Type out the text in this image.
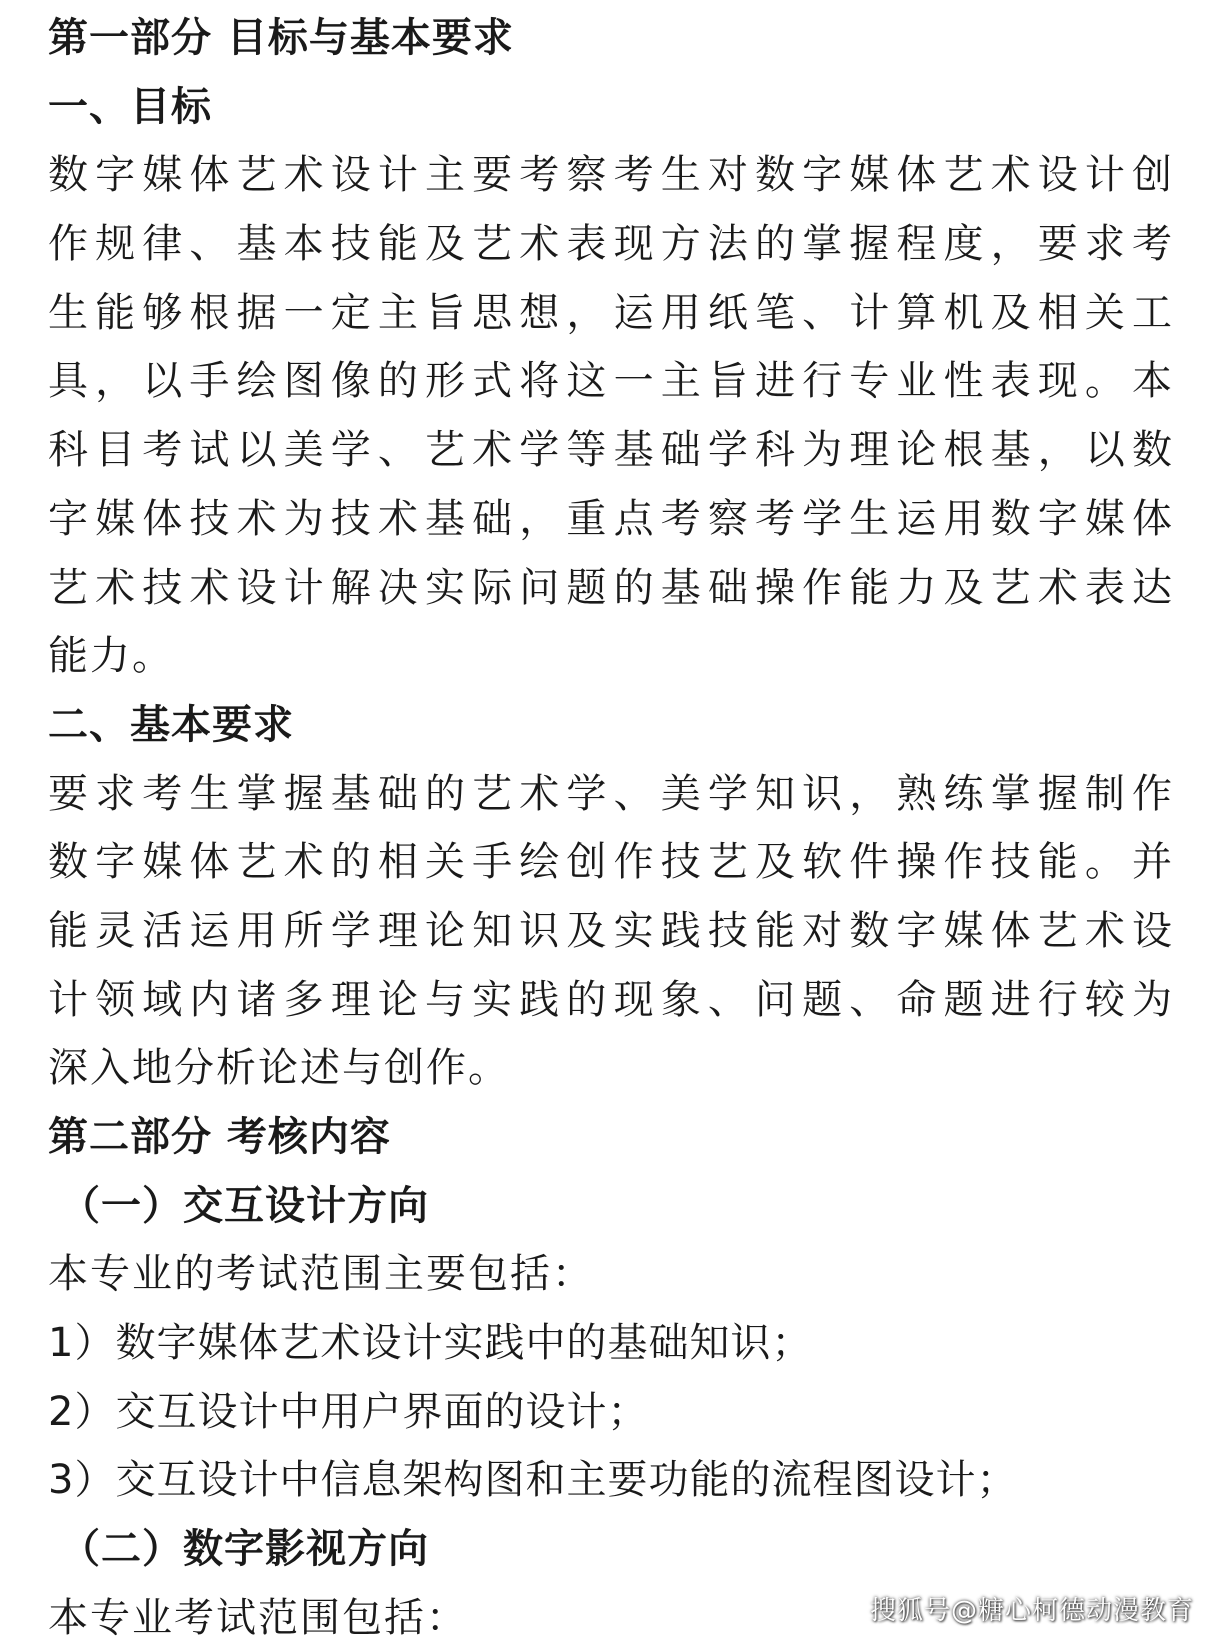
第一部分 目标与基本要求
一、目标
数字媒体艺术设计主要考察考生对数字媒体艺术设计创
作规律、基本技能及艺术表现方法的掌握程度，要求考
生能够根据一定主旨思想，运用纸笔、计算机及相关工
具，以手绘图像的形式将这一主旨进行专业性表现。本
科目考试以美学、艺术学等基础学科为理论根基，以数
字媒体技术为技术基础，重点考察考学生运用数字媒体
艺术技术设计解决实际问题的基础操作能力及艺术表达
能力。
二、基本要求
要求考生掌握基础的艺术学、美学知识，熟练掌握制作
数字媒体艺术的相关手绘创作技艺及软件操作技能。并
能灵活运用所学理论知识及实践技能对数字媒体艺术设
计领域内诸多理论与实践的现象、问题、命题进行较为
深入地分析论述与创作。
第二部分 考核内容
（一）交互设计方向
本专业的考试范围主要包括：
1）数字媒体艺术设计实践中的基础知识；
2）交互设计中用户界面的设计；
3）交互设计中信息架构图和主要功能的流程图设计；
（二）数字影视方向
本专业考试范围包括：	搜狐号@糖心柯德动漫教育
